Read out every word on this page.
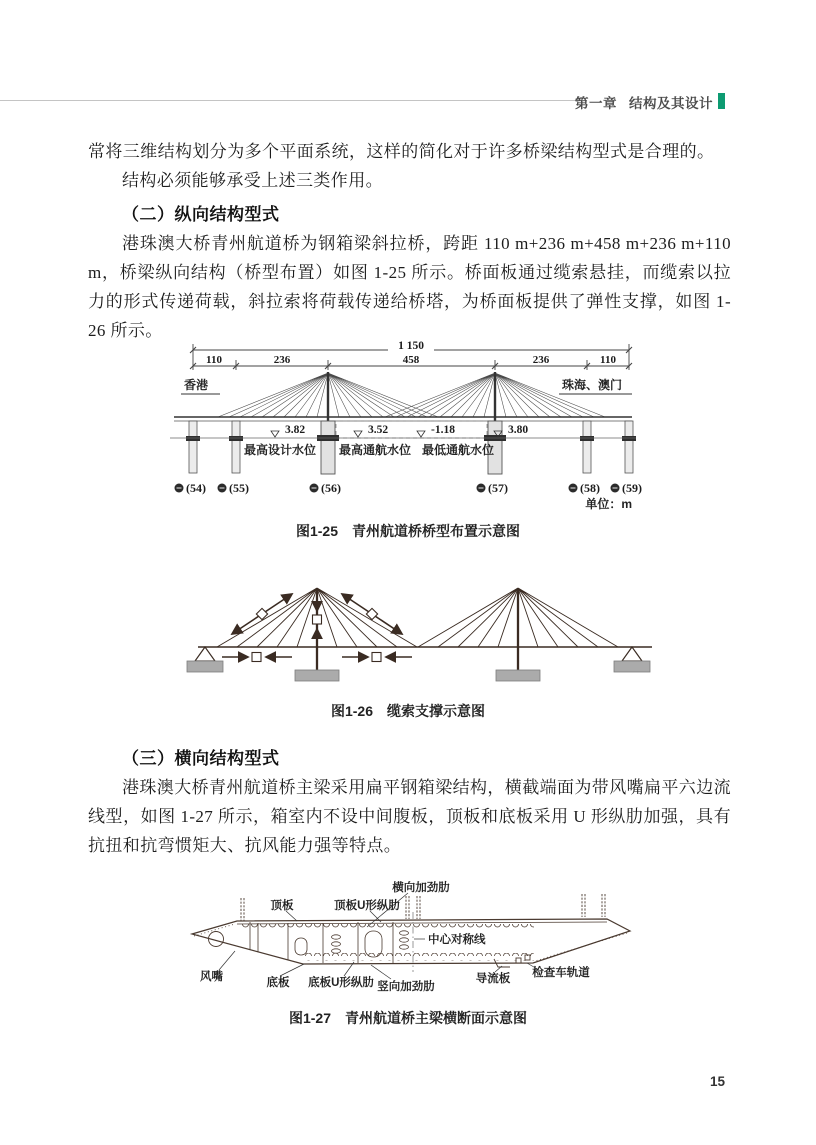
第一章 结构及其设计

常将三维结构划分为多个平面系统，这样的简化对于许多桥梁结构型式是合理的。

结构必须能够承受上述三类作用。

（二）纵向结构型式

港珠澳大桥青州航道桥为钢箱梁斜拉桥，跨距 110 m+236 m+458 m+236 m+110 m，桥梁纵向结构（桥型布置）如图 1-25 所示。桥面板通过缆索悬挂，而缆索以拉力的形式传递荷载，斜拉索将荷载传递给桥塔，为桥面板提供了弹性支撑，如图 1-26 所示。

1 150
110	236	458	236	110
香港	珠海、澳门
3.82	3.52	-1.18	3.80
最高设计水位 最高通航水位 最低通航水位
(54) (55)	(56)	(57)	(58) (59)
单位：m
图1-25　青州航道桥桥型布置示意图
图1-26　缆索支撑示意图
（三）横向结构型式

港珠澳大桥青州航道桥主梁采用扁平钢箱梁结构，横截端面为带风嘴扁平六边流线型，如图 1-27 所示，箱室内不设中间腹板，顶板和底板采用 U 形纵肋加强，具有抗扭和抗弯惯矩大、抗风能力强等特点。

顶板	顶板U形纵肋
横向加劲肋
中心对称线
风嘴	底板 底板U形纵肋 竖向加劲肋
导流板 检查车轨道
图1-27　青州航道桥主梁横断面示意图
15
